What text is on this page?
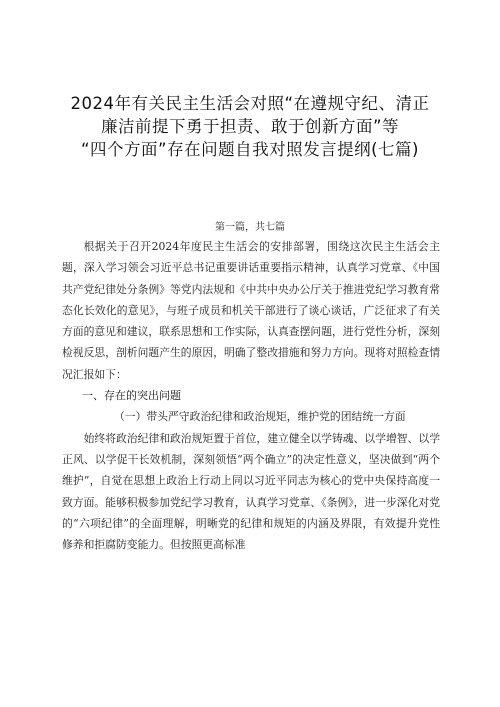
2024年有关民主生活会对照“在遵规守纪、清正
廉洁前提下勇于担责、敢于创新方面”等
“四个方面”存在问题自我对照发言提纲(七篇)
第一篇，共七篇

根据关于召开2024年度民主生活会的安排部署，围绕这次民主生活会主题，深入学习领会习近平总书记重要讲话重要指示精神，认真学习党章、《中国共产党纪律处分条例》等党内法规和《中共中央办公厅关于推进党纪学习教育常态化长效化的意见》，与班子成员和机关干部进行了谈心谈话，广泛征求了有关方面的意见和建议，联系思想和工作实际，认真查摆问题，进行党性分析，深刻检视反思，剖析问题产生的原因，明确了整改措施和努力方向。现将对照检查情况汇报如下：

一、存在的突出问题

（一）带头严守政治纪律和政治规矩，维护党的团结统一方面

始终将政治纪律和政治规矩置于首位，建立健全以学铸魂、以学增智、以学正风、以学促干长效机制，深刻领悟“两个确立”的决定性意义，坚决做到“两个维护”，自觉在思想上政治上行动上同以习近平同志为核心的党中央保持高度一致方面。能够积极参加党纪学习教育，认真学习党章、《条例》，进一步深化对党的“六项纪律”的全面理解，明晰党的纪律和规矩的内涵及界限，有效提升党性修养和拒腐防变能力。但按照更高标准
